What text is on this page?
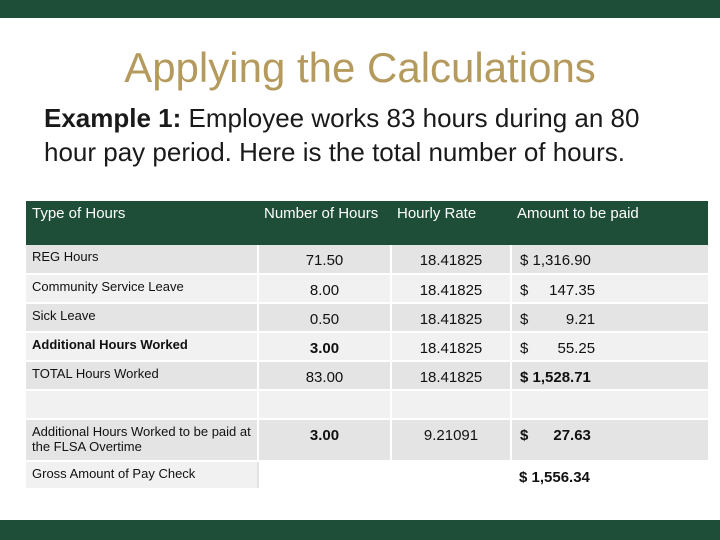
Applying the Calculations
Example 1: Employee works 83 hours during an 80 hour pay period. Here is the total number of hours.
Type of Hours	Number of Hours	Hourly Rate	Amount to be paid
REG Hours	71.50	18.41825	$ 1,316.90
Community Service Leave	8.00	18.41825	$     147.35
Sick Leave	0.50	18.41825	$         9.21
Additional Hours Worked	3.00	18.41825	$       55.25
TOTAL Hours Worked	83.00	18.41825	$ 1,528.71

Additional Hours Worked to be paid at the FLSA Overtime	3.00	9.21091	$      27.63
Gross Amount of Pay Check			$ 1,556.34
